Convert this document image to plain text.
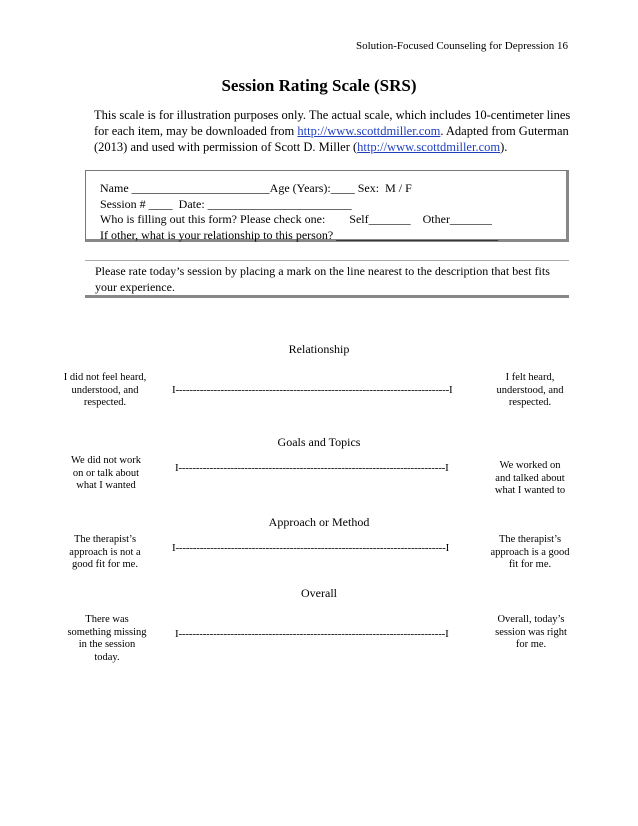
Solution-Focused Counseling for Depression 16
Session Rating Scale (SRS)
This scale is for illustration purposes only. The actual scale, which includes 10-centimeter lines for each item, may be downloaded from http://www.scottdmiller.com. Adapted from Guterman (2013) and used with permission of Scott D. Miller (http://www.scottdmiller.com).
Name _______________________Age (Years):____ Sex:  M / F
Session # ____  Date: ________________________
Who is filling out this form? Please check one:        Self_______    Other_______
If other, what is your relationship to this person? ___________________________
Please rate today’s session by placing a mark on the line nearest to the description that best fits your experience.
Relationship
I did not feel heard, understood, and respected.
I-------------------------------------------------------------------------------I
I felt heard, understood, and respected.
Goals and Topics
We did not work on or talk about what I wanted
I-----------------------------------------------------------------------------I	We worked on and talked about what I wanted to
Approach or Method
The therapist’s approach is not a good fit for me.
I------------------------------------------------------------------------------I
The therapist’s approach is a good fit for me.
Overall
There was something missing in the session today.
I-----------------------------------------------------------------------------I
Overall, today’s session was right for me.
